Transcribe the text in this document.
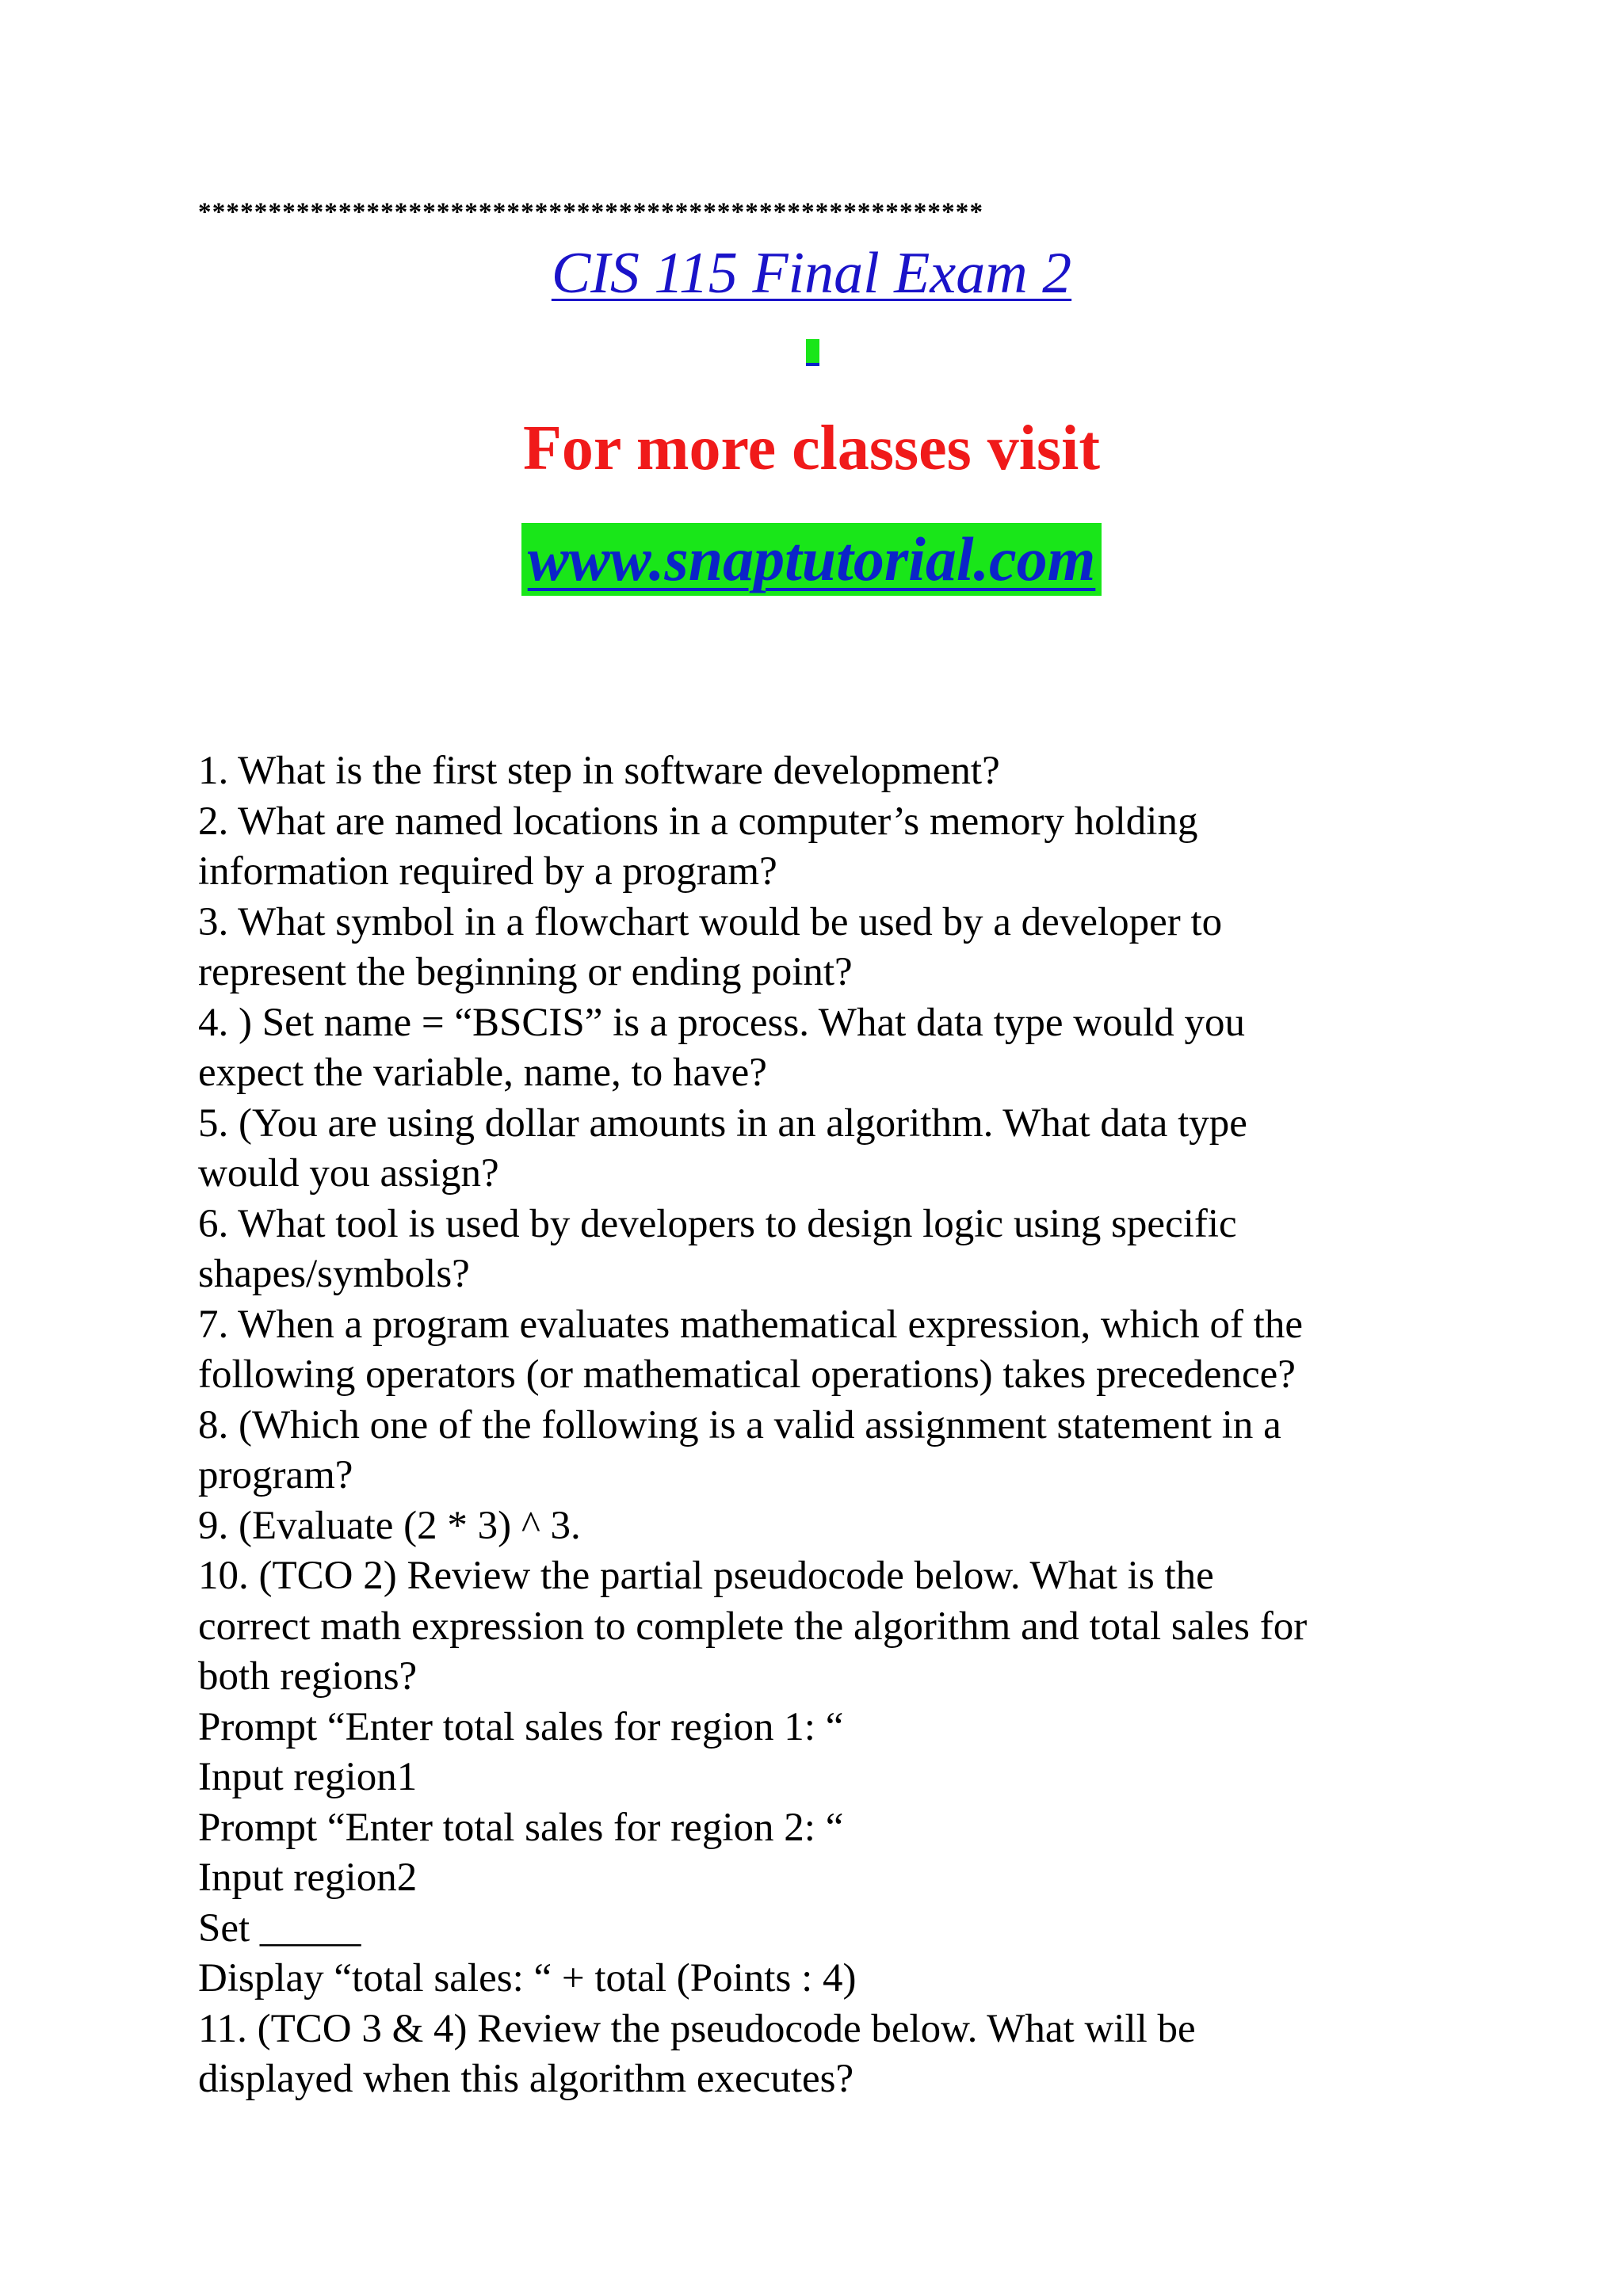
********************************************************
CIS 115 Final Exam 2
For more classes visit
www.snaptutorial.com
1. What is the first step in software development?
2. What are named locations in a computer’s memory holding
information required by a program?
3. What symbol in a flowchart would be used by a developer to
represent the beginning or ending point?
4. ) Set name = “BSCIS” is a process. What data type would you
expect the variable, name, to have?
5. (You are using dollar amounts in an algorithm. What data type
would you assign?
6. What tool is used by developers to design logic using specific
shapes/symbols?
7. When a program evaluates mathematical expression, which of the
following operators (or mathematical operations) takes precedence?
8. (Which one of the following is a valid assignment statement in a
program?
9. (Evaluate (2 * 3) ^ 3.
10. (TCO 2) Review the partial pseudocode below. What is the
correct math expression to complete the algorithm and total sales for
both regions?
Prompt “Enter total sales for region 1: “
Input region1
Prompt “Enter total sales for region 2: “
Input region2
Set _____
Display “total sales: “ + total (Points : 4)
11. (TCO 3 & 4) Review the pseudocode below. What will be
displayed when this algorithm executes?
